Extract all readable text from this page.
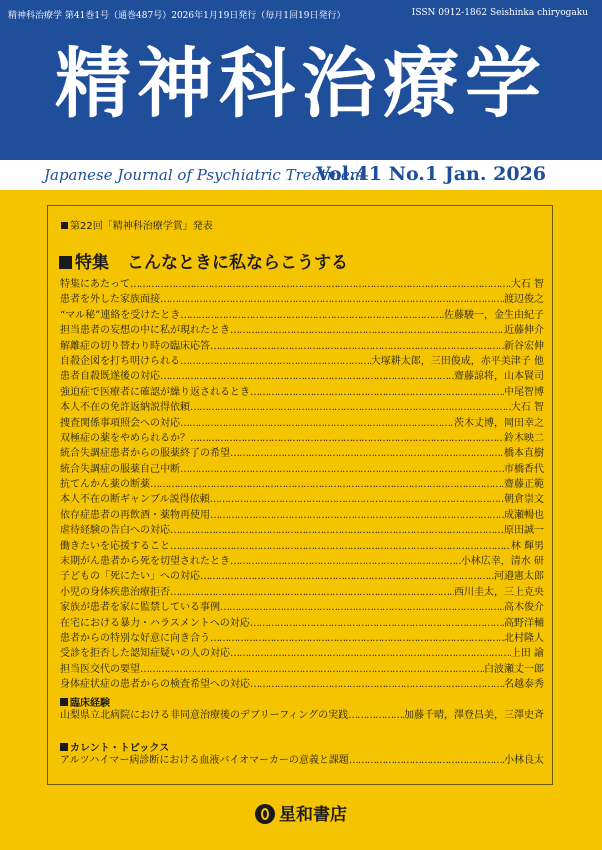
精神科治療学 第41巻1号（通巻487号）2026年1月19日発行（毎月1回19日発行）	ISSN 0912-1862 Seishinka chiryogaku
精神科治療学
Japanese Journal of Psychiatric Treatment
Vol.41 No.1 Jan. 2026
第22回「精神科治療学賞」発表
特集 こんなときに私ならこうする
特集にあたって …………………………………………………………………………………………………………………………………………………………………………………………………………………………………………………………………………………………	大石 智
患者を外した家族面接 …………………………………………………………………………………………………………………………………………………………………………………………………………………………………………………………………………………………	渡辺俊之
“マル秘”連絡を受けたとき …………………………………………………………………………………………………………………………………………………………………………………………………………………………………………………………………………………………	佐藤駿一，金生由紀子
担当患者の妄想の中に私が現れたとき …………………………………………………………………………………………………………………………………………………………………………………………………………………………………………………………………………………………	近藤伸介
解離症の切り替わり時の臨床応答 …………………………………………………………………………………………………………………………………………………………………………………………………………………………………………………………………………………………	新谷宏伸
自殺企図を打ち明けられる …………………………………………………………………………………………………………………………………………………………………………………………………………………………………………………………………………………………	大塚耕太郎，三田俊成，赤平美津子 他
患者自殺既遂後の対応 …………………………………………………………………………………………………………………………………………………………………………………………………………………………………………………………………………………………	齋藤諒将，山本賢司
強迫症で医療者に確認が繰り返されるとき …………………………………………………………………………………………………………………………………………………………………………………………………………………………………………………………………………………………	中尾智博
本人不在の免許返納説得依頼 …………………………………………………………………………………………………………………………………………………………………………………………………………………………………………………………………………………………	大石 智
捜査関係事項照会への対応 …………………………………………………………………………………………………………………………………………………………………………………………………………………………………………………………………………………………	茨木丈博，岡田幸之
双極症の薬をやめられるか？ …………………………………………………………………………………………………………………………………………………………………………………………………………………………………………………………………………………………	鈴木映二
統合失調症患者からの服薬終了の希望 …………………………………………………………………………………………………………………………………………………………………………………………………………………………………………………………………………………………	橋本直樹
統合失調症の服薬自己中断 …………………………………………………………………………………………………………………………………………………………………………………………………………………………………………………………………………………………	市橋香代
抗てんかん薬の断薬 …………………………………………………………………………………………………………………………………………………………………………………………………………………………………………………………………………………………	齋藤正範
本人不在の断ギャンブル説得依頼 …………………………………………………………………………………………………………………………………………………………………………………………………………………………………………………………………………………………	朝倉崇文
依存症患者の再飲酒・薬物再使用 …………………………………………………………………………………………………………………………………………………………………………………………………………………………………………………………………………………………	成瀬暢也
虐待経験の告白への対応 …………………………………………………………………………………………………………………………………………………………………………………………………………………………………………………………………………………………	原田誠一
働きたいを応援すること …………………………………………………………………………………………………………………………………………………………………………………………………………………………………………………………………………………………	林 輝男
末期がん患者から死を切望されたとき …………………………………………………………………………………………………………………………………………………………………………………………………………………………………………………………………………………………	小林広幸，清水 研
子どもの「死にたい」への対応 …………………………………………………………………………………………………………………………………………………………………………………………………………………………………………………………………………………………	河邉憲太郎
小児の身体疾患治療拒否 …………………………………………………………………………………………………………………………………………………………………………………………………………………………………………………………………………………………	西川圭太，三上克央
家族が患者を家に監禁している事例 …………………………………………………………………………………………………………………………………………………………………………………………………………………………………………………………………………………………	高木俊介
在宅における暴力・ハラスメントへの対応 …………………………………………………………………………………………………………………………………………………………………………………………………………………………………………………………………………………………	高野洋輔
患者からの特別な好意に向き合う …………………………………………………………………………………………………………………………………………………………………………………………………………………………………………………………………………………………	北村隆人
受診を拒否した認知症疑いの人の対応 …………………………………………………………………………………………………………………………………………………………………………………………………………………………………………………………………………………………	上田 諭
担当医交代の要望 …………………………………………………………………………………………………………………………………………………………………………………………………………………………………………………………………………………………	白波瀬丈一郎
身体症状症の患者からの検査希望への対応 …………………………………………………………………………………………………………………………………………………………………………………………………………………………………………………………………………………………	名越泰秀
臨床経験
山梨県立北病院における非同意治療後のデブリーフィングの実践 …………………………………………………………………………………………………………………………………………………………………………………………………………………………………………………………………………………………	加藤千晴，澤登昌美，三澤史斉
カレント・トピックス
アルツハイマー病診断における血液バイオマーカーの意義と課題 …………………………………………………………………………………………………………………………………………………………………………………………………………………………………………………………………………………………	小林良太
星和書店
